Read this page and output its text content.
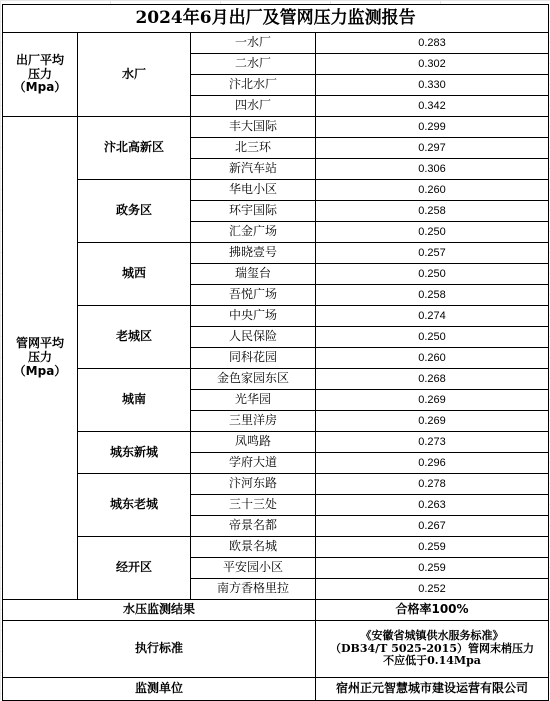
2024年6月出厂及管网压力监测报告			

出厂平均
压力
（Mpa）	水厂	一水厂	0.283
		二水厂	0.302
		汴北水厂	0.330
		四水厂	0.342

管网平均
压力
（Mpa）	汴北高新区	丰大国际	0.299
		北三环	0.297
		新汽车站	0.306
	政务区	华电小区	0.260
		环宇国际	0.258
		汇金广场	0.250
	城西	拂晓壹号	0.257
		瑞玺台	0.250
		吾悦广场	0.258
	老城区	中央广场	0.274
		人民保险	0.250
		同科花园	0.260
	城南	金色家园东区	0.268
		光华园	0.269
		三里洋房	0.269
	城东新城	凤鸣路	0.273
		学府大道	0.296
	城东老城	汴河东路	0.278
		三十三处	0.263
		帝景名都	0.267
	经开区	欧景名城	0.259
		平安园小区	0.259
		南方香格里拉	0.252
水压监测结果			合格率100%
执行标准			《安徽省城镇供水服务标准》
（DB34/T 5025-2015）管网末梢压力
不应低于0.14Mpa

监测单位			宿州正元智慧城市建设运营有限公司
